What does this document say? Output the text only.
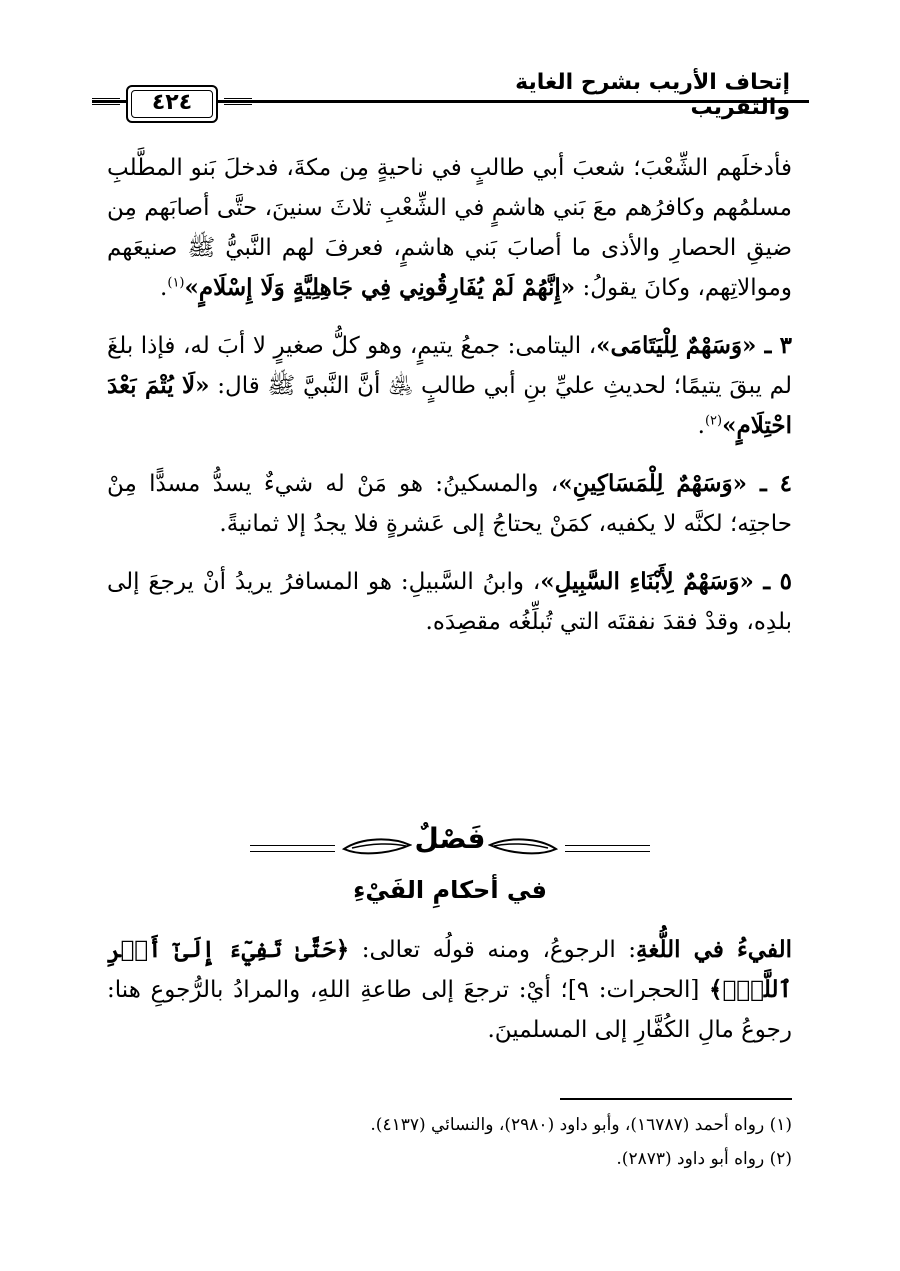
إتحاف الأريب بشرح الغاية والتقريب
٤٢٤

فأدخلَهم الشِّعْبَ؛ شعبَ أبي طالبٍ في ناحيةٍ مِن مكةَ، فدخلَ بَنو المطَّلبِ مسلمُهم وكافرُهم معَ بَني هاشمٍ في الشِّعْبِ ثلاثَ سنينَ، حتَّى أصابَهم مِن ضيقِ الحصارِ والأذى ما أصابَ بَني هاشمٍ، فعرفَ لهم النَّبيُّ ﷺ صنيعَهم وموالاتِهم، وكانَ يقولُ: «إِنَّهُمْ لَمْ يُفَارِقُونِي فِي جَاهِلِيَّةٍ وَلَا إِسْلَامٍ»$^{(١)}$.

٣ ـ «وَسَهْمٌ لِلْيَتَامَى»، اليتامى: جمعُ يتيمٍ، وهو كلُّ صغيرٍ لا أبَ له، فإذا بلغَ لم يبقَ يتيمًا؛ لحديثِ عليِّ بنِ أبي طالبٍ ﵁ أنَّ النَّبيَّ ﷺ قال: «لَا يُتْمَ بَعْدَ احْتِلَامٍ»$^{(٢)}$.

٤ ـ «وَسَهْمٌ لِلْمَسَاكِينِ»، والمسكينُ: هو مَنْ له شيءٌ يسدُّ مسدًّا مِنْ حاجتِه؛ لكنَّه لا يكفيه، كمَنْ يحتاجُ إلى عَشرةٍ فلا يجدُ إلا ثمانيةً.

٥ ـ «وَسَهْمٌ لِأَبْنَاءِ السَّبِيلِ»، وابنُ السَّبيلِ: هو المسافرُ يريدُ أنْ يرجعَ إلى بلدِه، وقدْ فقدَ نفقتَه التي تُبلِّغُه مقصِدَه.

فَصْلٌ
في أحكامِ الفَيْءِ

الفيءُ في اللُّغةِ: الرجوعُ، ومنه قولُه تعالى: ﴿حَتَّىٰ تَفِيٓءَ إِلَىٰٓ أَمۡرِ ٱللَّهِۚ﴾ [الحجرات: ٩]؛ أيْ: ترجعَ إلى طاعةِ اللهِ، والمرادُ بالرُّجوعِ هنا: رجوعُ مالِ الكُفَّارِ إلى المسلمينَ.

(١) رواه أحمد (١٦٧٨٧)، وأبو داود (٢٩٨٠)، والنسائي (٤١٣٧).
(٢) رواه أبو داود (٢٨٧٣).
